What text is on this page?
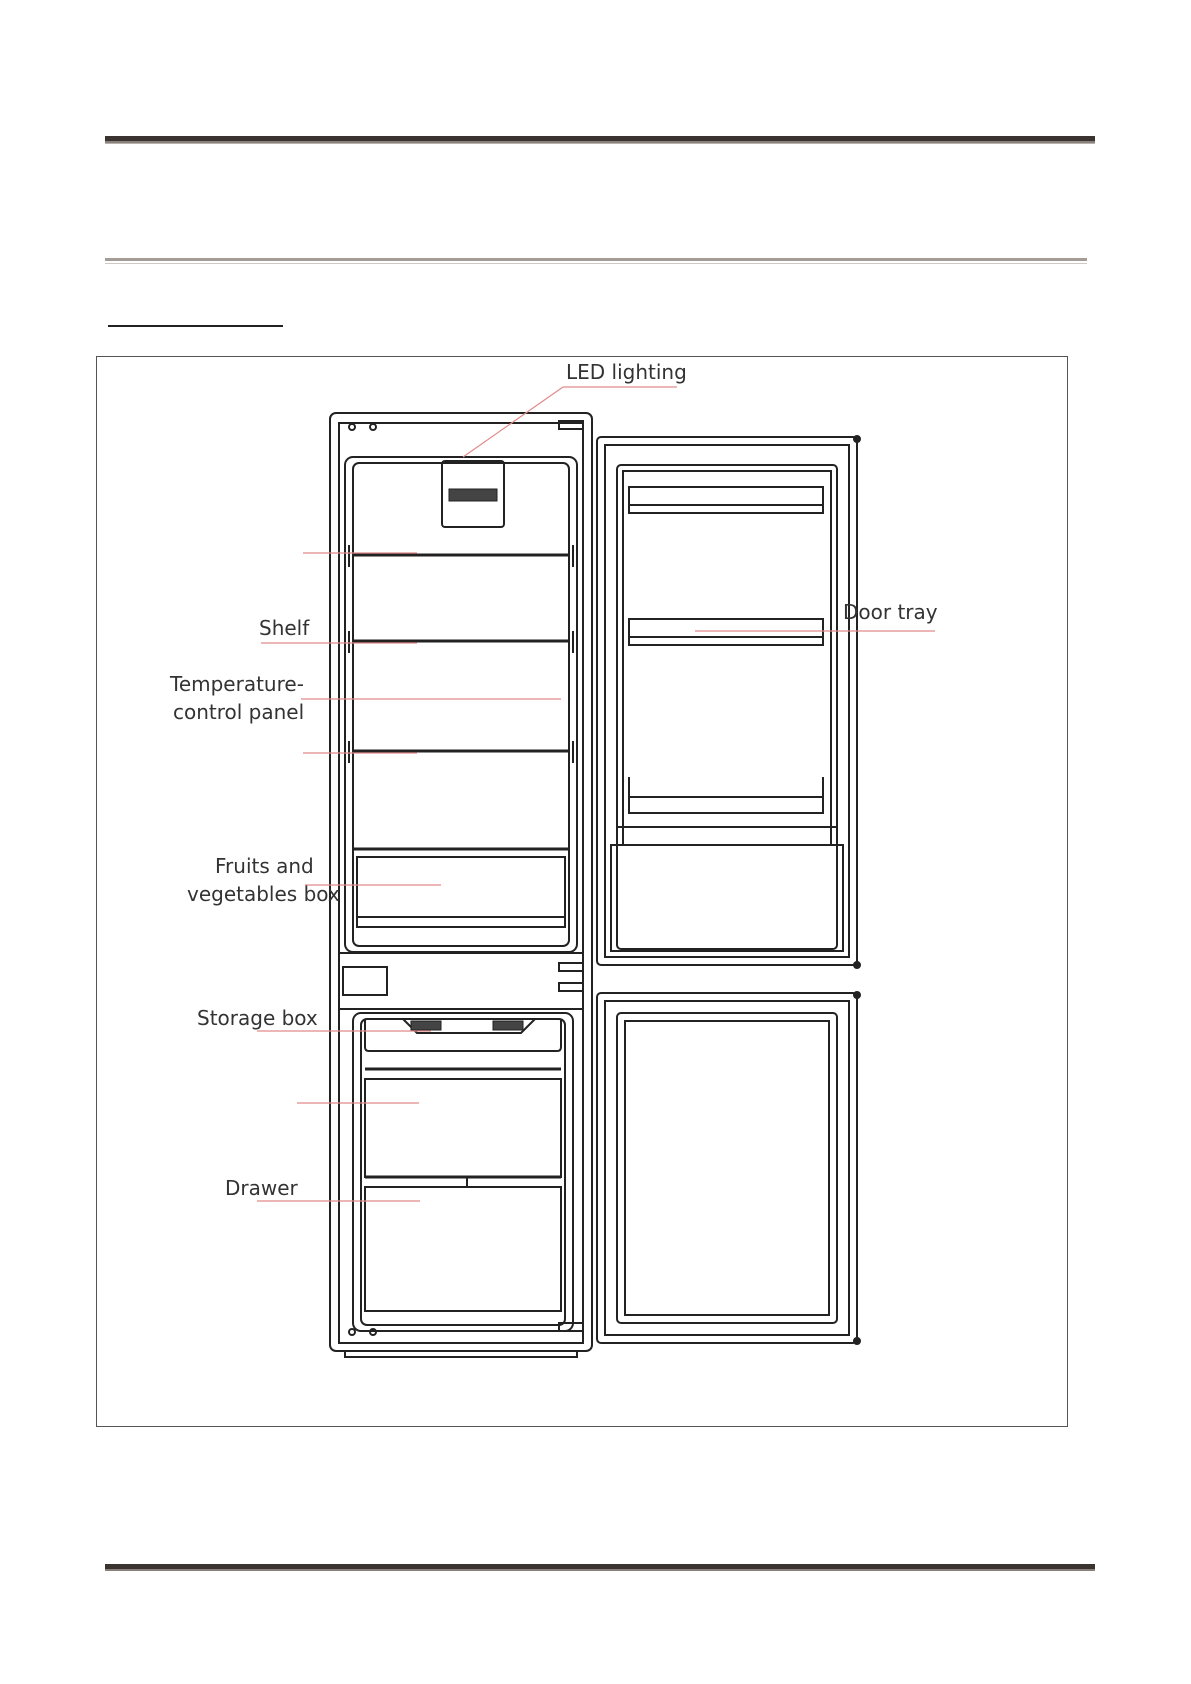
LED lighting
Shelf
Temperature-
control panel
Fruits and
vegetables box
Storage box
Drawer
Door tray
